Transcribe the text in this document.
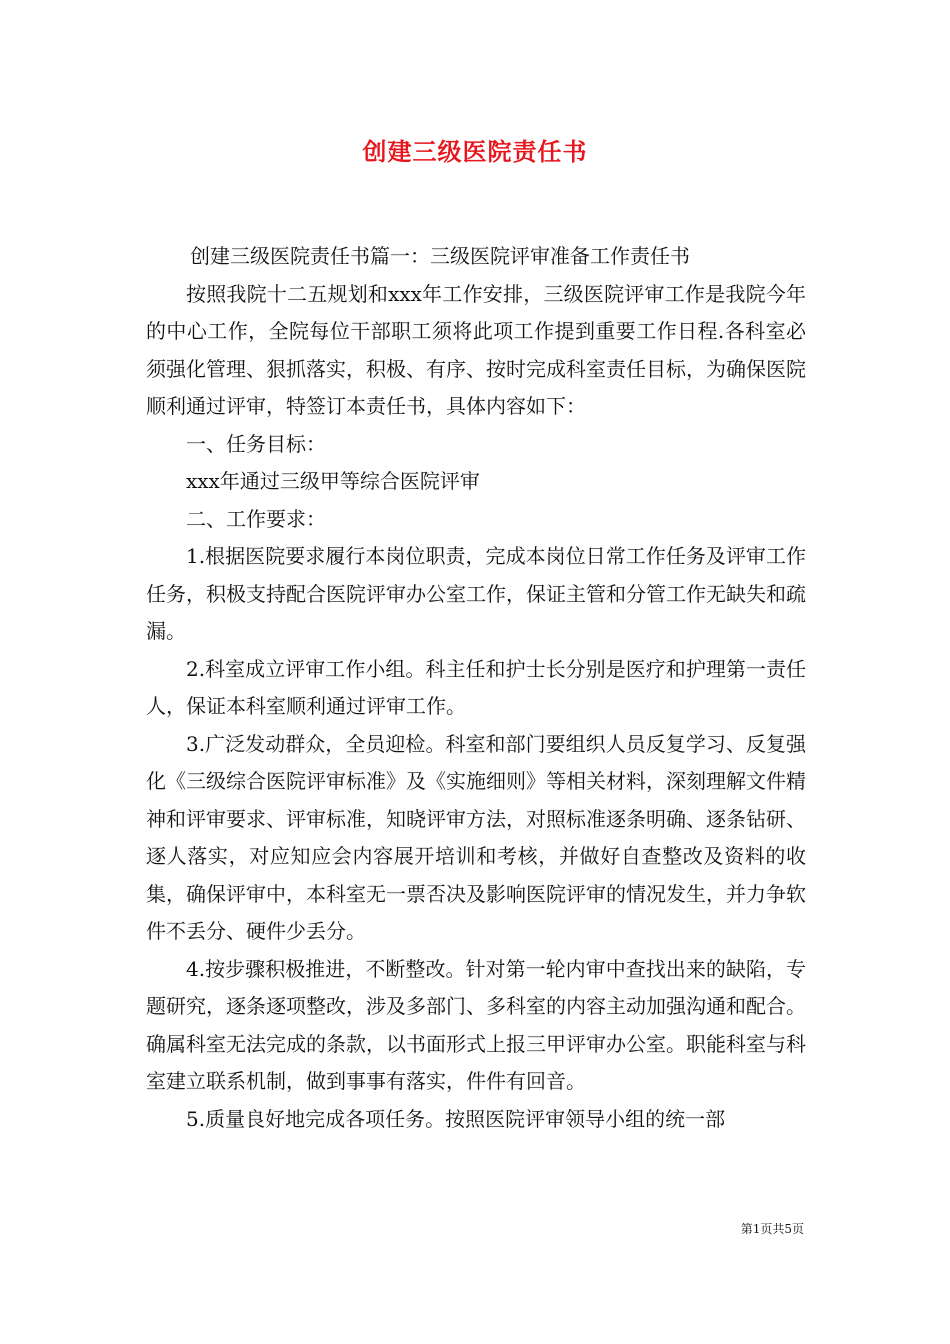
创建三级医院责任书

创建三级医院责任书篇一：三级医院评审准备工作责任书

按照我院十二五规划和xxx年工作安排，三级医院评审工作是我院今年的中心工作，全院每位干部职工须将此项工作提到重要工作日程.各科室必须强化管理、狠抓落实，积极、有序、按时完成科室责任目标，为确保医院顺利通过评审，特签订本责任书，具体内容如下：

一、任务目标：

xxx年通过三级甲等综合医院评审

二、工作要求：

1.根据医院要求履行本岗位职责，完成本岗位日常工作任务及评审工作任务，积极支持配合医院评审办公室工作，保证主管和分管工作无缺失和疏漏。

2.科室成立评审工作小组。科主任和护士长分别是医疗和护理第一责任人，保证本科室顺利通过评审工作。

3.广泛发动群众，全员迎检。科室和部门要组织人员反复学习、反复强化《三级综合医院评审标准》及《实施细则》等相关材料，深刻理解文件精神和评审要求、评审标准，知晓评审方法，对照标准逐条明确、逐条钻研、逐人落实，对应知应会内容展开培训和考核，并做好自查整改及资料的收集，确保评审中，本科室无一票否决及影响医院评审的情况发生，并力争软件不丢分、硬件少丢分。

4.按步骤积极推进，不断整改。针对第一轮内审中查找出来的缺陷，专题研究，逐条逐项整改，涉及多部门、多科室的内容主动加强沟通和配合。确属科室无法完成的条款，以书面形式上报三甲评审办公室。职能科室与科室建立联系机制，做到事事有落实，件件有回音。

5.质量良好地完成各项任务。按照医院评审领导小组的统一部

第1页共5页
